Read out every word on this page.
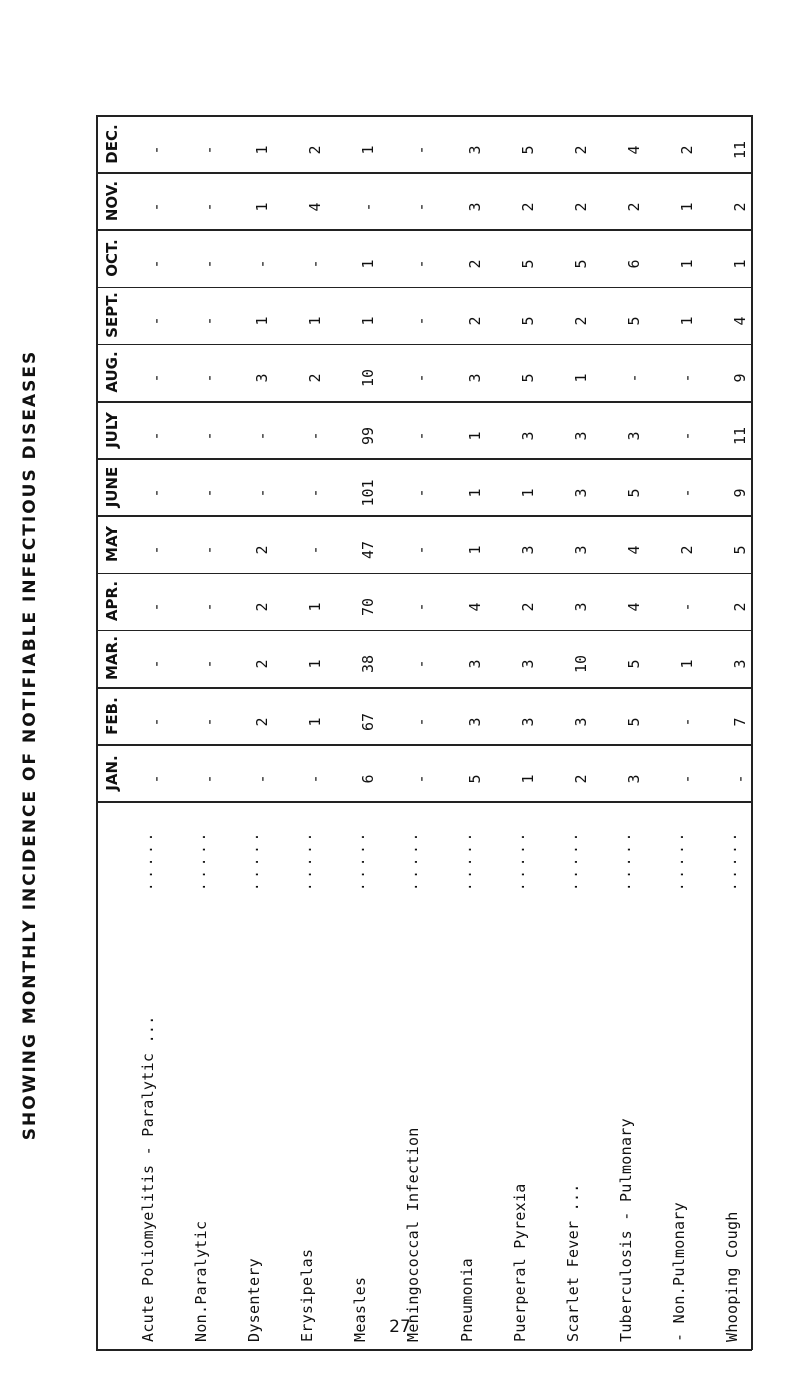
SHOWING MONTHLY INCIDENCE OF NOTIFIABLE INFECTIOUS DISEASES
DEC. - - 1 2 1 - 3 5 2 4 2 11
NOV. - - 1 4 - - 3 2 2 2 1 2
OCT. - - - - 1 - 2 5 5 6 1 1
SEPT. - - 1 1 1 - 2 5 2 5 1 4
AUG. - - 3 2 10 - 3 5 1 - - 9
JULY - - - - 99 - 1 3 3 3 - 11
JUNE - - - - 101 - 1 1 3 5 - 9
MAY - - 2 - 47 - 1 3 3 4 2 5
APR. - - 2 1 70 - 4 2 3 4 - 2
MAR. - - 2 1 38 - 3 3 10 5 1 3
FEB. - - 2 1 67 - 3 3 3 5 - 7
JAN. - - - - 6 - 5 1 2 3 - -
Acute Poliomyelitis - Paralytic ...
.....
Non.Paralytic
.....
Dysentery
.....
Erysipelas
.....
Measles
.....
Meningococcal Infection
.....
Pneumonia
.....
Puerperal Pyrexia
.....
Scarlet Fever ...
.....
Tuberculosis - Pulmonary
.....
- Non.Pulmonary
.....
Whooping Cough
.....
27
